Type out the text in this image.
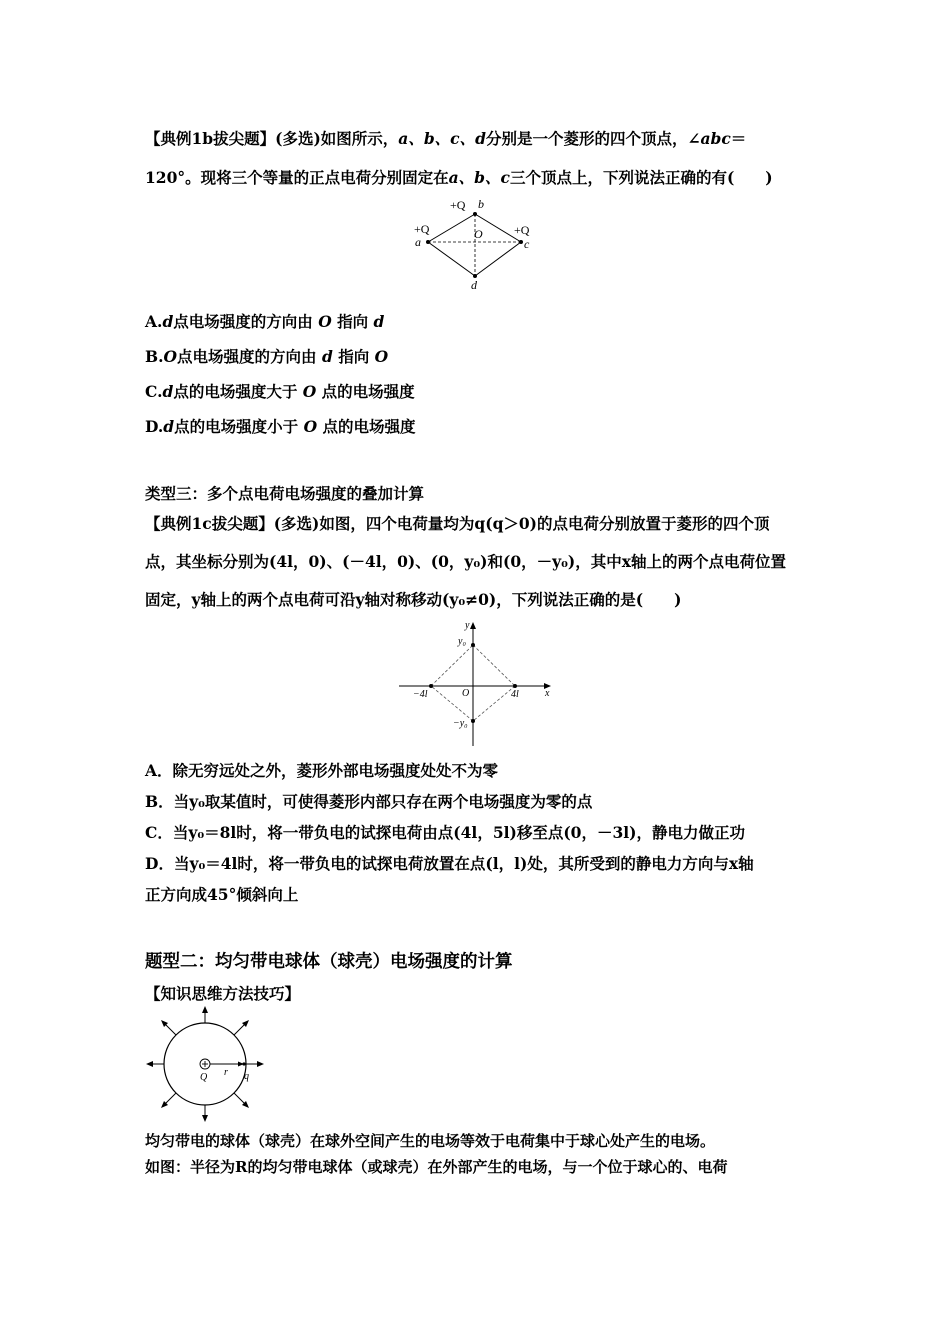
【典例1b拔尖题】(多选)如图所示，a、b、c、d分别是一个菱形的四个顶点，∠abc＝
120°。现将三个等量的正点电荷分别固定在a、b、c三个顶点上，下列说法正确的有(　　)
+Q b
+Q
a
O	+Q
c
d
A.d点电场强度的方向由 O 指向 d
B.O点电场强度的方向由 d 指向 O
C.d点的电场强度大于 O 点的电场强度
D.d点的电场强度小于 O 点的电场强度
类型三：多个点电荷电场强度的叠加计算
【典例1c拔尖题】(多选)如图，四个电荷量均为q(q＞0)的点电荷分别放置于菱形的四个顶
点，其坐标分别为(4l，0)、(－4l，0)、(0，y₀)和(0，－y₀)，其中x轴上的两个点电荷位置
固定，y轴上的两个点电荷可沿y轴对称移动(y₀≠0)，下列说法正确的是(　　)
y
x
y₀
−y₀
O
−4l	4l
A．除无穷远处之外，菱形外部电场强度处处不为零
B．当y₀取某值时，可使得菱形内部只存在两个电场强度为零的点
C．当y₀＝8l时，将一带负电的试探电荷由点(4l，5l)移至点(0，－3l)，静电力做正功
D．当y₀＝4l时，将一带负电的试探电荷放置在点(l，l)处，其所受到的静电力方向与x轴
正方向成45°倾斜向上
题型二：均匀带电球体（球壳）电场强度的计算
【知识思维方法技巧】
Q r q
均匀带电的球体（球壳）在球外空间产生的电场等效于电荷集中于球心处产生的电场。
如图：半径为R的均匀带电球体（或球壳）在外部产生的电场，与一个位于球心的、电荷
